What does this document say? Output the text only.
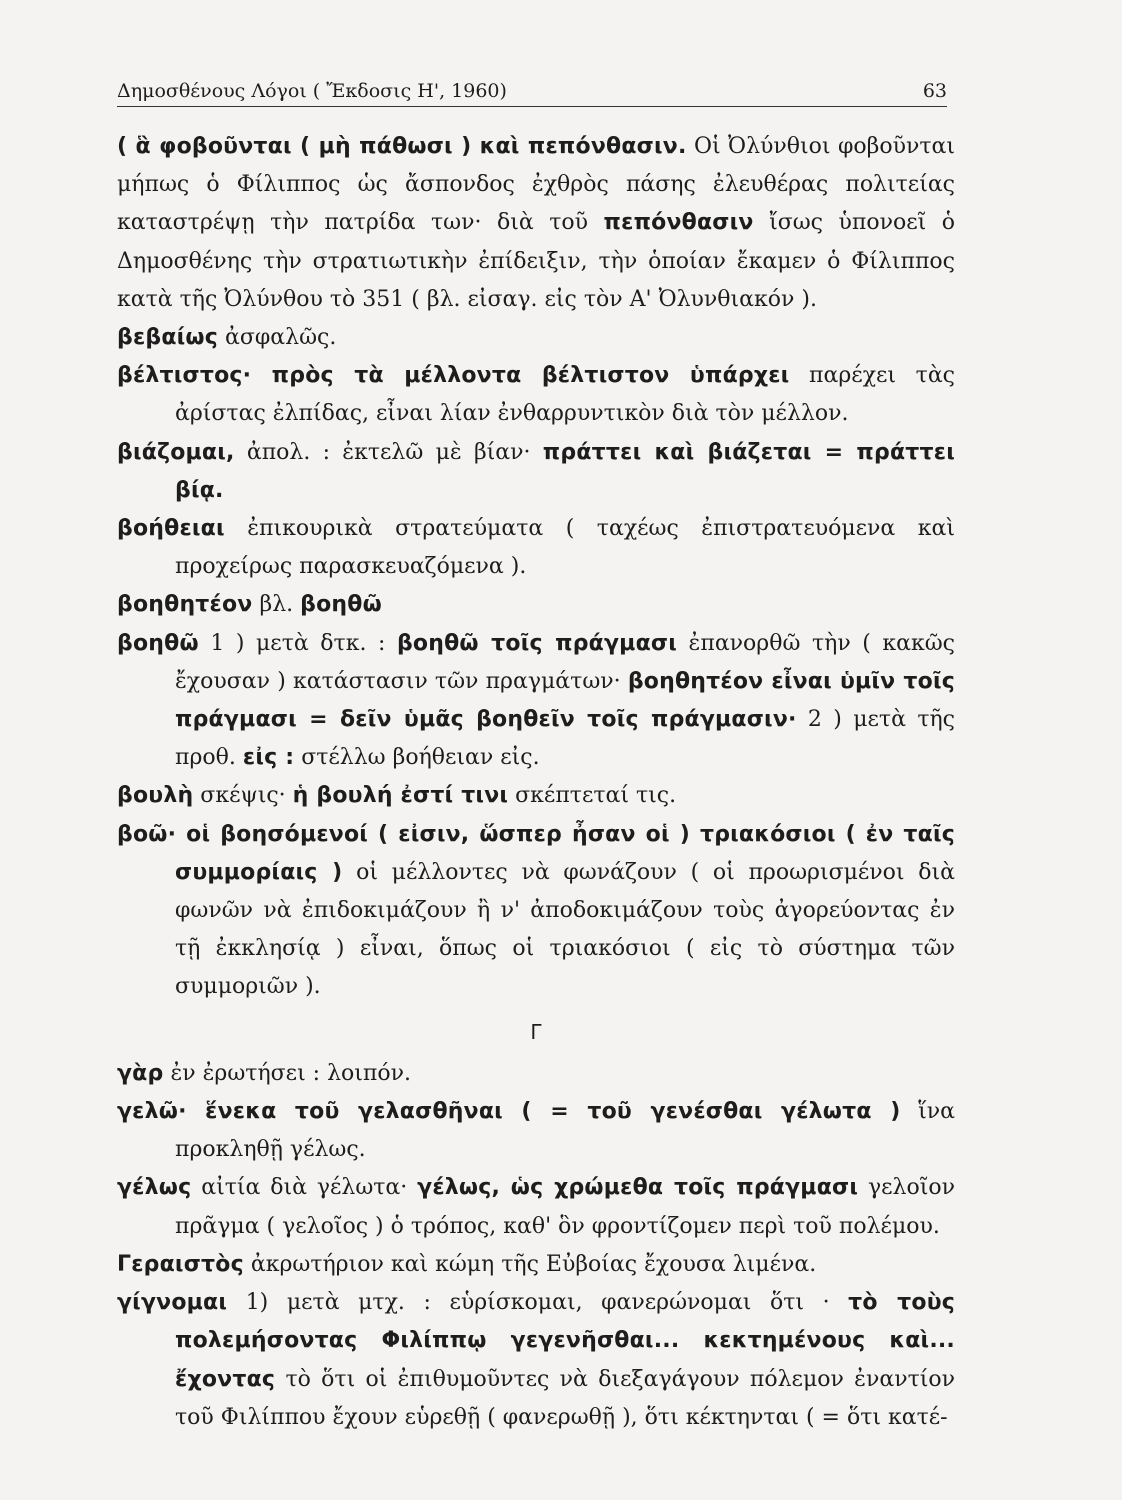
Δημοσθένους Λόγοι ( Ἔκδοσις Η', 1960)	63

( ἃ φοβοῦνται ( μὴ πάθωσι ) καὶ πεπόνθασιν. Οἱ Ὀλύνθιοι φοβοῦνται μήπως ὁ Φίλιππος ὡς ἄσπονδος ἐχθρὸς πάσης ἐλευθέρας πολιτείας καταστρέψῃ τὴν πατρίδα των· διὰ τοῦ πεπόνθασιν ἴσως ὑπονοεῖ ὁ Δημοσθένης τὴν στρατιωτικὴν ἐπίδειξιν, τὴν ὁποίαν ἔκαμεν ὁ Φίλιππος κατὰ τῆς Ὀλύνθου τὸ 351 ( βλ. εἰσαγ. εἰς τὸν Α' Ὀλυνθιακόν ).

βεβαίως ἀσφαλῶς.

βέλτιστος· πρὸς τὰ μέλλοντα βέλτιστον ὑπάρχει παρέχει τὰς ἀρίστας ἐλπίδας, εἶναι λίαν ἐνθαρρυντικὸν διὰ τὸν μέλλον.

βιάζομαι, ἀπολ. : ἐκτελῶ μὲ βίαν· πράττει καὶ βιάζεται = πράττει βίᾳ.

βοήθειαι ἐπικουρικὰ στρατεύματα ( ταχέως ἐπιστρατευόμενα καὶ προχείρως παρασκευαζόμενα ).

βοηθητέον βλ. βοηθῶ

βοηθῶ 1 ) μετὰ δτκ. : βοηθῶ τοῖς πράγμασι ἐπανορθῶ τὴν ( κακῶς ἔχουσαν ) κατάστασιν τῶν πραγμάτων· βοηθητέον εἶναι ὑμῖν τοῖς πράγμασι = δεῖν ὑμᾶς βοηθεῖν τοῖς πράγμασιν· 2 ) μετὰ τῆς προθ. εἰς : στέλλω βοήθειαν εἰς.

βουλὴ σκέψις· ἡ βουλή ἐστί τινι σκέπτεταί τις.

βοῶ· οἱ βοησόμενοί ( εἰσιν, ὥσπερ ἦσαν οἱ ) τριακόσιοι ( ἐν ταῖς συμμορίαις ) οἱ μέλλοντες νὰ φωνάζουν ( οἱ προωρισμένοι διὰ φωνῶν νὰ ἐπιδοκιμάζουν ἢ ν' ἀποδοκιμάζουν τοὺς ἀγορεύοντας ἐν τῇ ἐκκλησίᾳ ) εἶναι, ὅπως οἱ τριακόσιοι ( εἰς τὸ σύστημα τῶν συμμοριῶν ).

Γ

γὰρ ἐν ἐρωτήσει : λοιπόν.

γελῶ· ἕνεκα τοῦ γελασθῆναι ( = τοῦ γενέσθαι γέλωτα ) ἵνα προκληθῇ γέλως.

γέλως αἰτία διὰ γέλωτα· γέλως, ὡς χρώμεθα τοῖς πράγμασι γελοῖον πρᾶγμα ( γελοῖος ) ὁ τρόπος, καθ' ὃν φροντίζομεν περὶ τοῦ πολέμου.

Γεραιστὸς ἀκρωτήριον καὶ κώμη τῆς Εὐβοίας ἔχουσα λιμένα.

γίγνομαι 1) μετὰ μτχ. : εὑρίσκομαι, φανερώνομαι ὅτι · τὸ τοὺς πολεμήσοντας Φιλίππῳ γεγενῆσθαι... κεκτημένους καὶ... ἔχοντας τὸ ὅτι οἱ ἐπιθυμοῦντες νὰ διεξαγάγουν πόλεμον ἐναντίον τοῦ Φιλίππου ἔχουν εὑρεθῇ ( φανερωθῇ ), ὅτι κέκτηνται ( = ὅτι κατέ-
